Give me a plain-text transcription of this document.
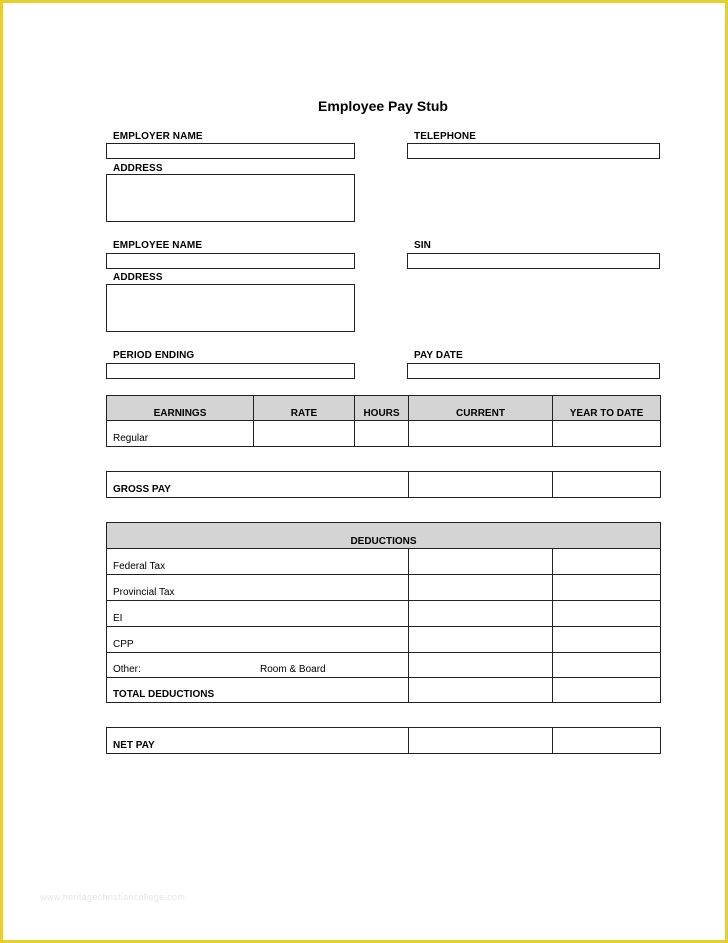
Employee Pay Stub
EMPLOYER NAME	TELEPHONE
ADDRESS
EMPLOYEE NAME	SIN
ADDRESS
PERIOD ENDING	PAY DATE
EARNINGS	RATE	HOURS	CURRENT	YEAR TO DATE
Regular				
GROSS PAY		
DEDUCTIONS		
Federal Tax		
Provincial Tax		
EI		
CPP		
Other: Room & Board		

TOTAL DEDUCTIONS		
NET PAY		
www.heritagechristiancollege.com
